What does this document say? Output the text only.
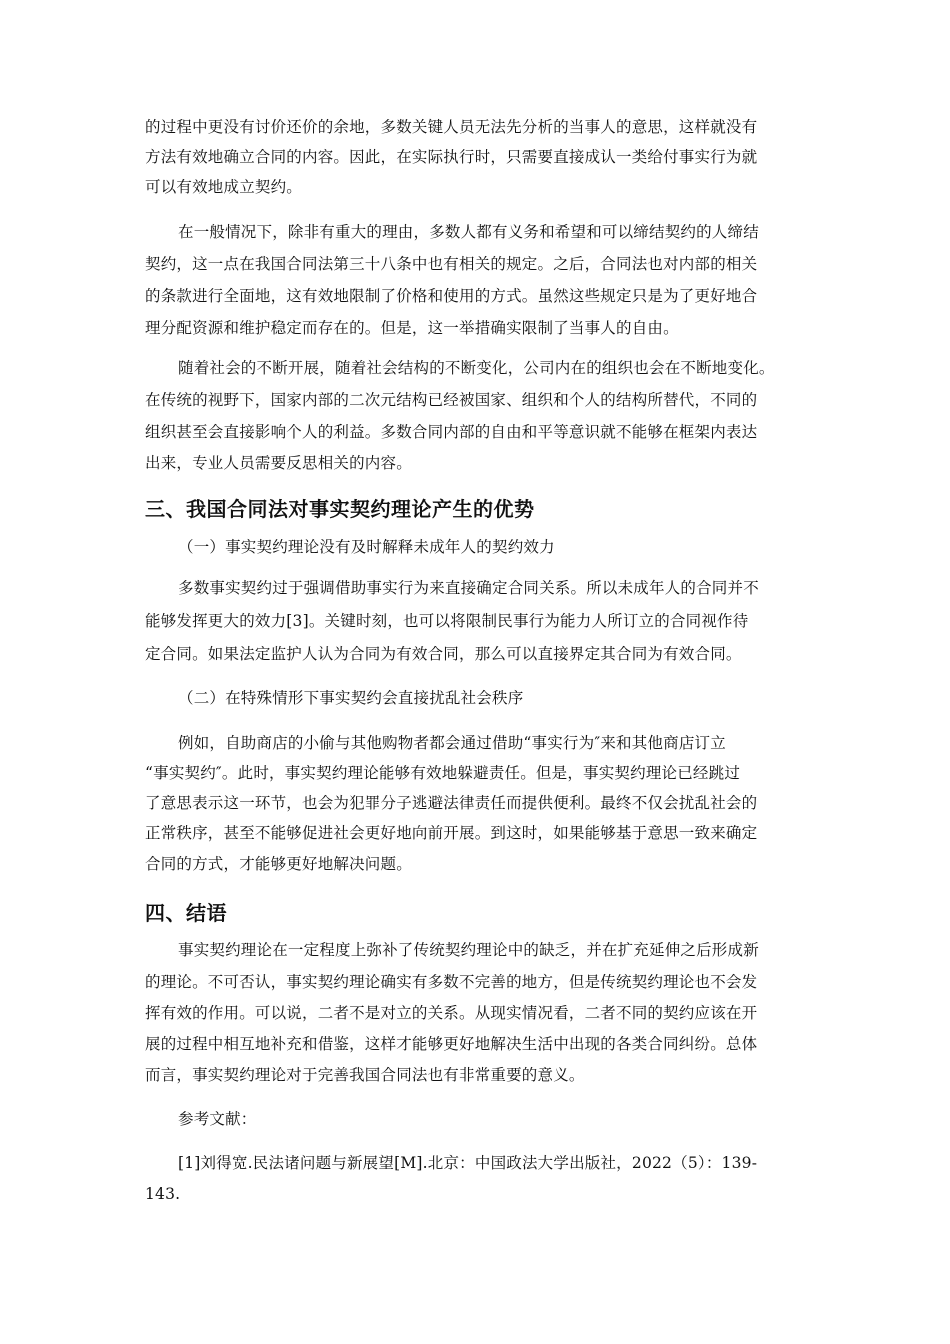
的过程中更没有讨价还价的余地，多数关键人员无法先分析的当事人的意思，这样就没有
方法有效地确立合同的内容。因此，在实际执行时，只需要直接成认一类给付事实行为就
可以有效地成立契约。
在一般情况下，除非有重大的理由，多数人都有义务和希望和可以缔结契约的人缔结
契约，这一点在我国合同法第三十八条中也有相关的规定。之后，合同法也对内部的相关
的条款进行全面地，这有效地限制了价格和使用的方式。虽然这些规定只是为了更好地合
理分配资源和维护稳定而存在的。但是，这一举措确实限制了当事人的自由。
随着社会的不断开展，随着社会结构的不断变化，公司内在的组织也会在不断地变化。
在传统的视野下，国家内部的二次元结构已经被国家、组织和个人的结构所替代，不同的
组织甚至会直接影响个人的利益。多数合同内部的自由和平等意识就不能够在框架内表达
出来，专业人员需要反思相关的内容。
三、我国合同法对事实契约理论产生的优势
（一）事实契约理论没有及时解释未成年人的契约效力
多数事实契约过于强调借助事实行为来直接确定合同关系。所以未成年人的合同并不
能够发挥更大的效力[3]。关键时刻，也可以将限制民事行为能力人所订立的合同视作待
定合同。如果法定监护人认为合同为有效合同，那么可以直接界定其合同为有效合同。
（二）在特殊情形下事实契约会直接扰乱社会秩序
例如，自助商店的小偷与其他购物者都会通过借助“事实行为″来和其他商店订立
“事实契约″。此时，事实契约理论能够有效地躲避责任。但是，事实契约理论已经跳过
了意思表示这一环节，也会为犯罪分子逃避法律责任而提供便利。最终不仅会扰乱社会的
正常秩序，甚至不能够促进社会更好地向前开展。到这时，如果能够基于意思一致来确定
合同的方式，才能够更好地解决问题。
四、结语
事实契约理论在一定程度上弥补了传统契约理论中的缺乏，并在扩充延伸之后形成新
的理论。不可否认，事实契约理论确实有多数不完善的地方，但是传统契约理论也不会发
挥有效的作用。可以说，二者不是对立的关系。从现实情况看，二者不同的契约应该在开
展的过程中相互地补充和借鉴，这样才能够更好地解决生活中出现的各类合同纠纷。总体
而言，事实契约理论对于完善我国合同法也有非常重要的意义。
参考文献：
[1]刘得宽.民法诸问题与新展望[M].北京：中国政法大学出版社，2022（5）：139-
143.
